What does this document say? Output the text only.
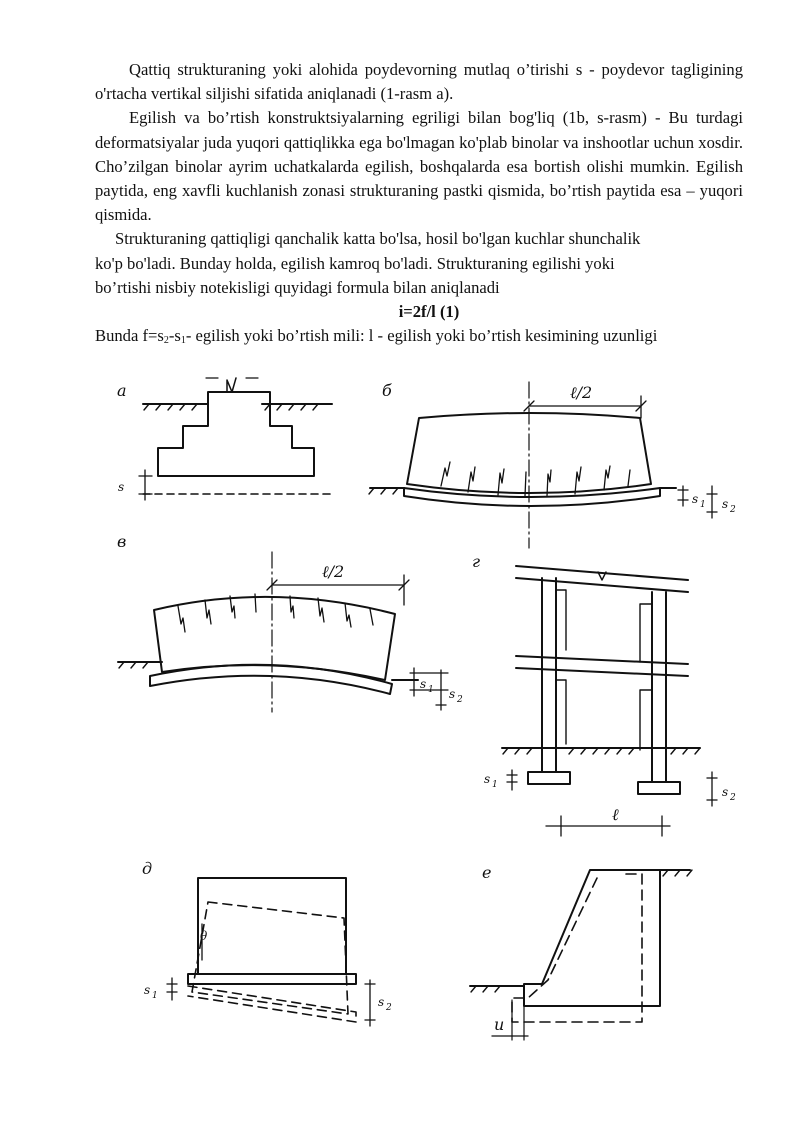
Qattiq strukturaning yoki alohida poydevorning mutlaq o’tirishi s - poydevor tagligining o'rtacha vertikal siljishi sifatida aniqlanadi (1-rasm a).

Egilish va bo’rtish konstruktsiyalarning egriligi bilan bog'liq (1b, s-rasm) - Bu turdagi deformatsiyalar juda yuqori qattiqlikka ega bo'lmagan ko'plab binolar va inshootlar uchun xosdir. Cho’zilgan binolar ayrim uchatkalarda egilish, boshqalarda esa bortish olishi mumkin. Egilish paytida, eng xavfli kuchlanish zonasi strukturaning pastki qismida, bo’rtish paytida esa – yuqori qismida.

Strukturaning qattiqligi qanchalik katta bo'lsa, hosil bo'lgan kuchlar shunchalik

ko'p bo'ladi. Bunday holda, egilish kamroq bo'ladi. Strukturaning egilishi yoki

bo’rtishi nisbiy notekisligi quyidagi formula bilan aniqlanadi

i=2f/l (1)

Bunda $f=s_2-s_1-$ egilish yoki bo’rtish mili: l - egilish yoki bo’rtish kesimining uzunligi

а
s
б	ℓ/2
s 1 s 2
в
ℓ/2
s 1 s 2
г
s 1	s 2
ℓ
д
θ
s 1	s 2
е
u
